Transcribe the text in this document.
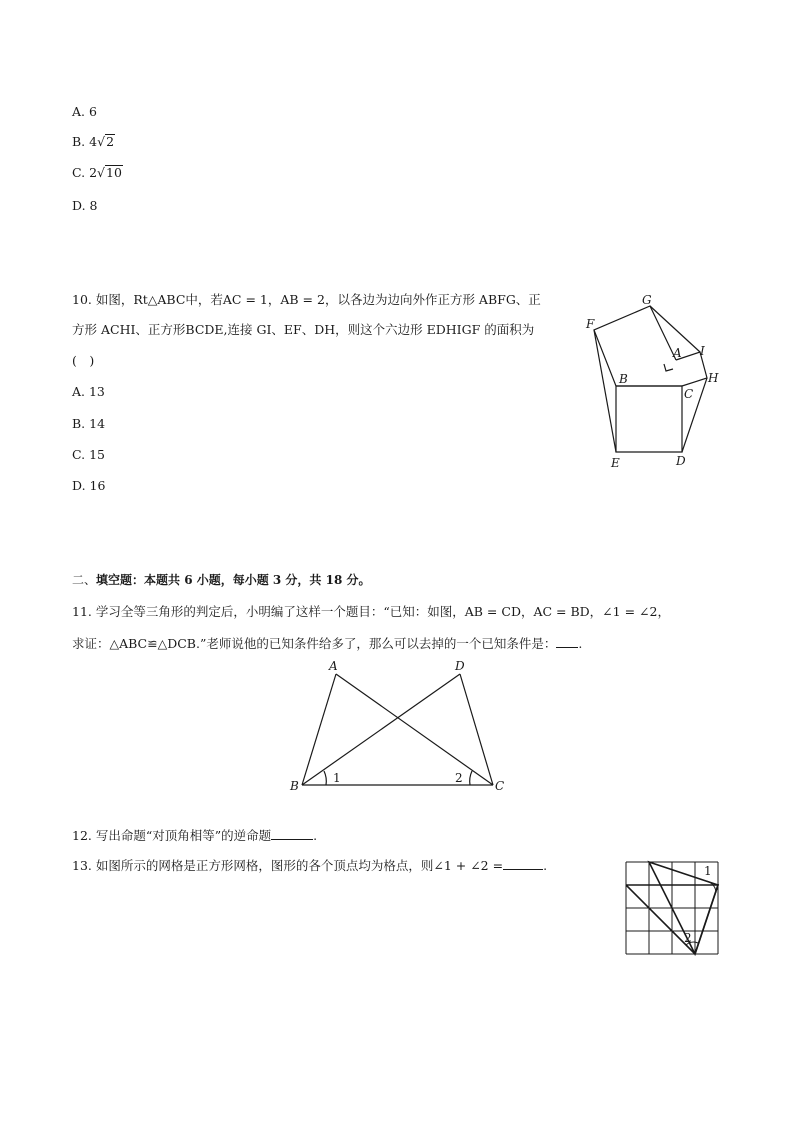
A. 6
B. 4√2
C. 2√10
D. 8
10. 如图，Rt△ABC中，若AC = 1，AB = 2，以各边为边向外作正方形 ABFG、正
方形 ACHI、正方形BCDE,连接 GI、EF、DH，则这个六边形 EDHIGF 的面积为
(　)
A. 13
B. 14
C. 15
D. 16
G
F
A I
H
B
C
E	D
二、填空题：本题共 6 小题，每小题 3 分，共 18 分。
11. 学习全等三角形的判定后，小明编了这样一个题目：“已知：如图，AB = CD，AC = BD，∠1 = ∠2，
求证：△ABC≌△DCB.”老师说他的已知条件给多了，那么可以去掉的一个已知条件是： .
A	D
B	C
1	2
12. 写出命题“对顶角相等”的逆命题	.
13. 如图所示的网格是正方形网格，图形的各个顶点均为格点，则∠1 + ∠2 =	.	1
2
